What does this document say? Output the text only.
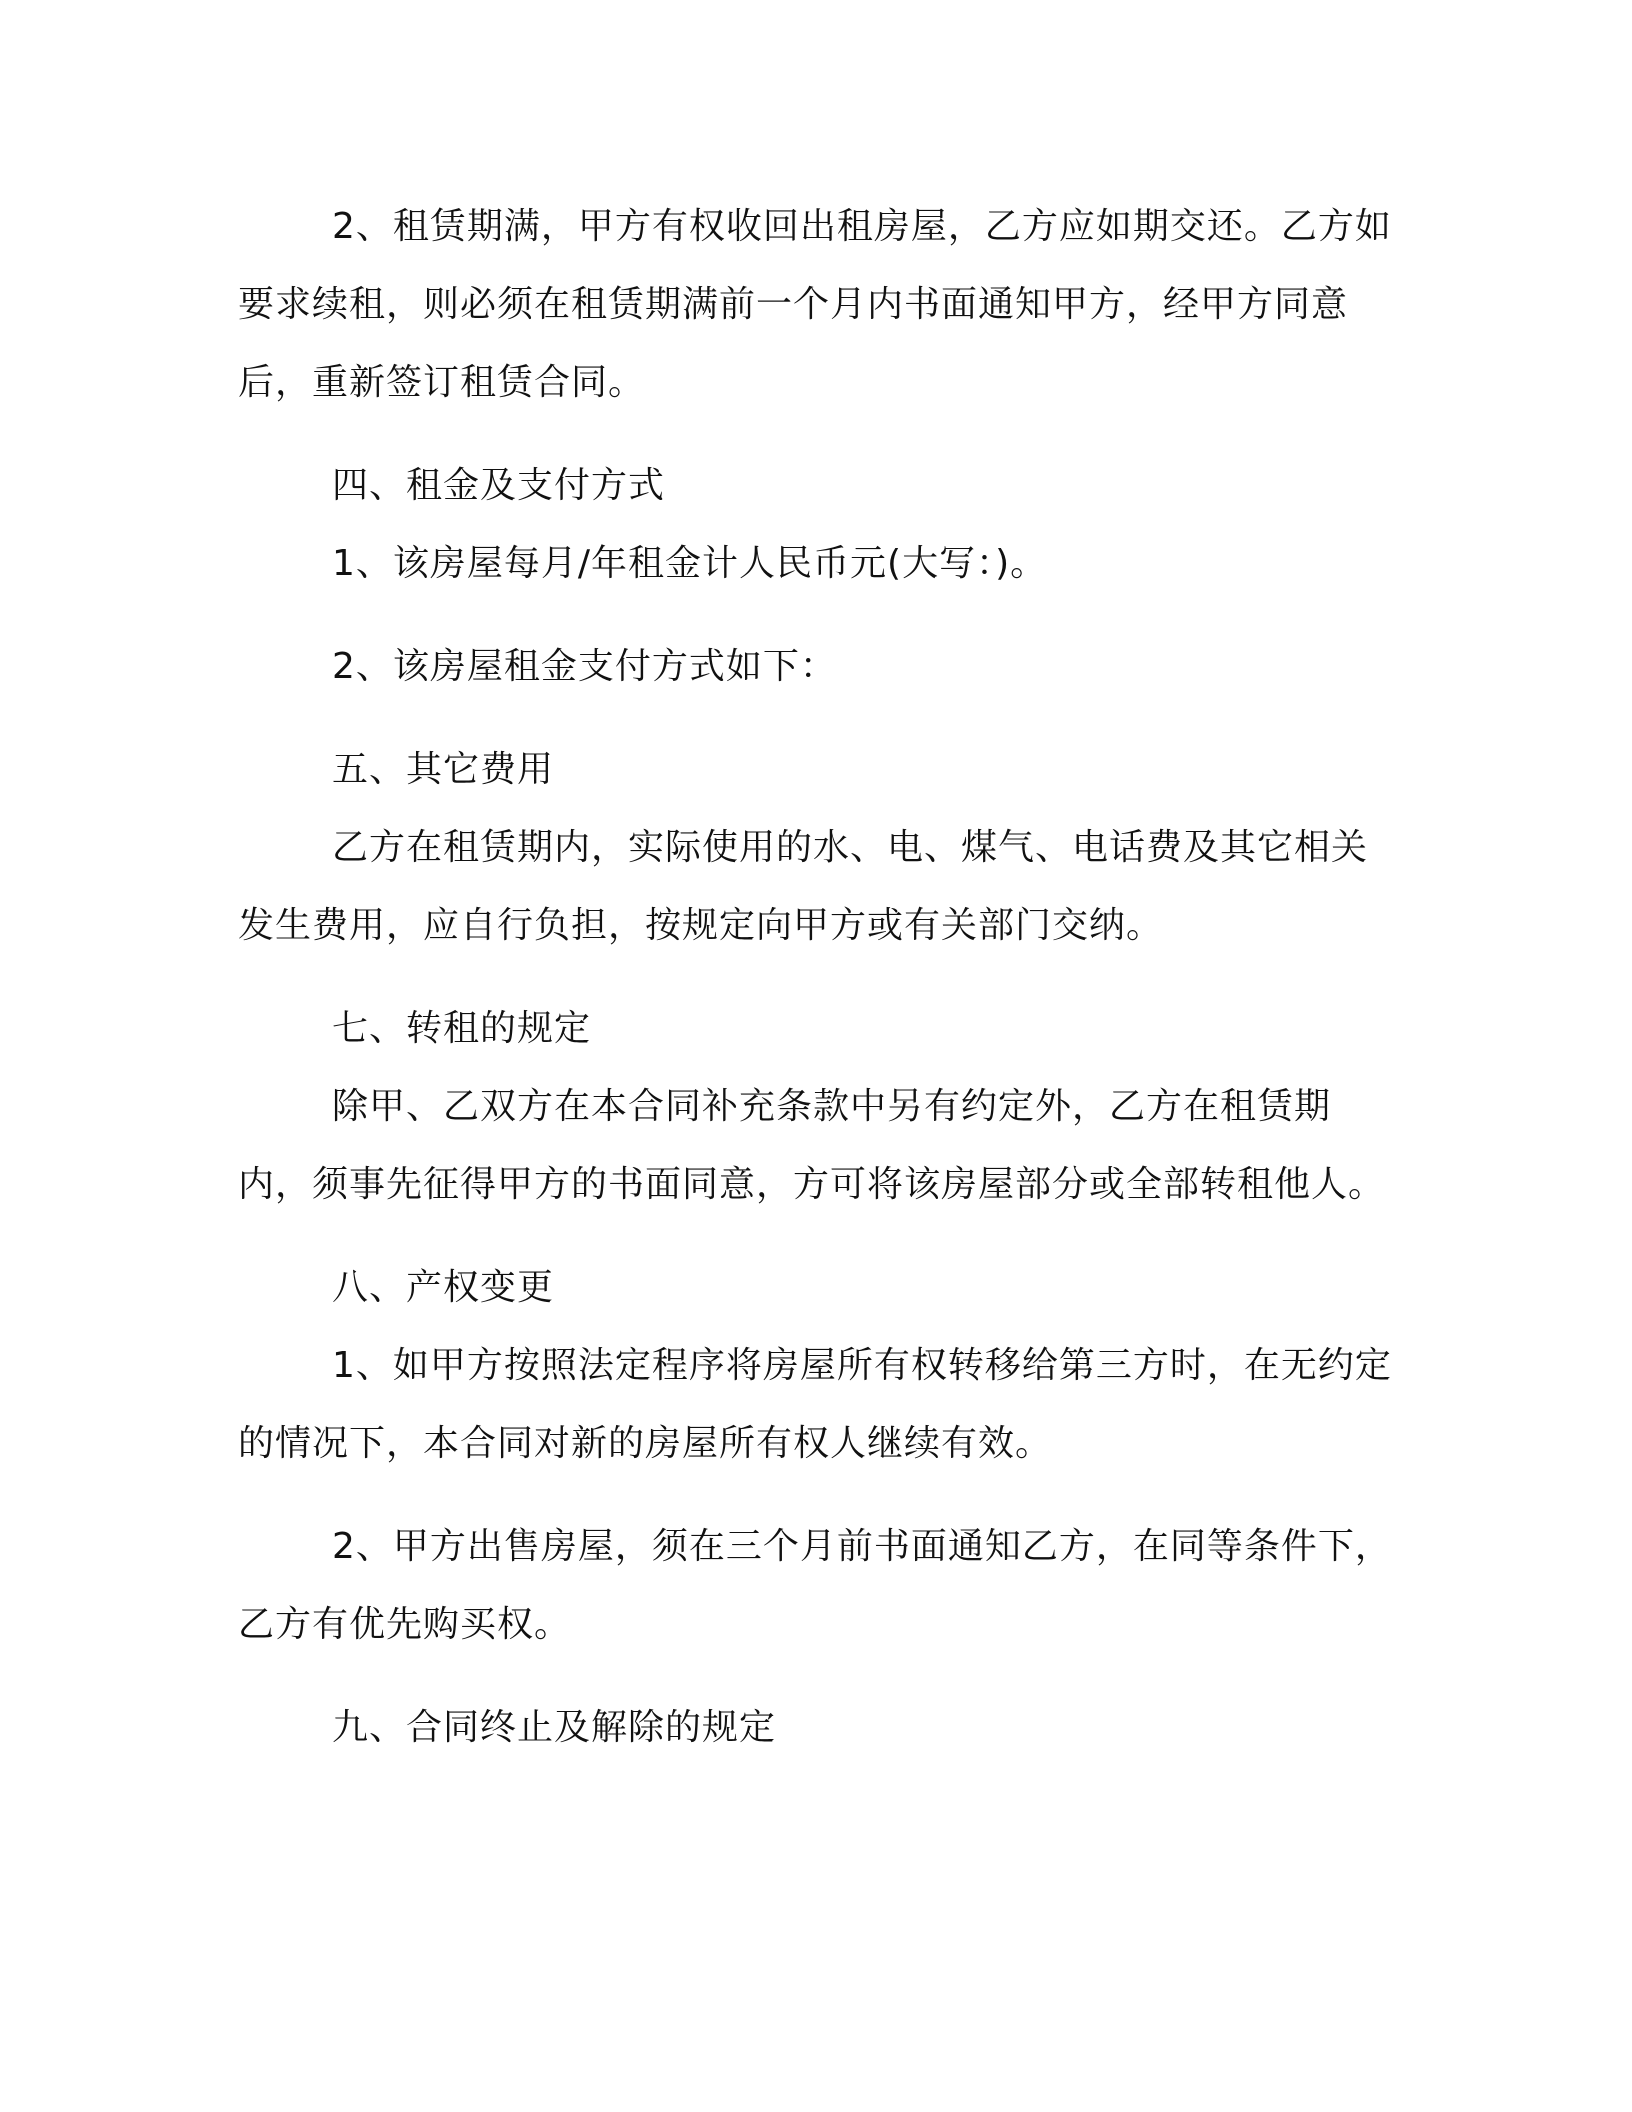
2、租赁期满，甲方有权收回出租房屋，乙方应如期交还。乙方如要求续租，则必须在租赁期满前一个月内书面通知甲方，经甲方同意后，重新签订租赁合同。

四、租金及支付方式

1、该房屋每月/年租金计人民币元(大写：)。

2、该房屋租金支付方式如下：

五、其它费用

乙方在租赁期内，实际使用的水、电、煤气、电话费及其它相关发生费用，应自行负担，按规定向甲方或有关部门交纳。

七、转租的规定

除甲、乙双方在本合同补充条款中另有约定外，乙方在租赁期内，须事先征得甲方的书面同意，方可将该房屋部分或全部转租他人。

八、产权变更

1、如甲方按照法定程序将房屋所有权转移给第三方时，在无约定的情况下，本合同对新的房屋所有权人继续有效。

2、甲方出售房屋，须在三个月前书面通知乙方，在同等条件下，乙方有优先购买权。

九、合同终止及解除的规定
